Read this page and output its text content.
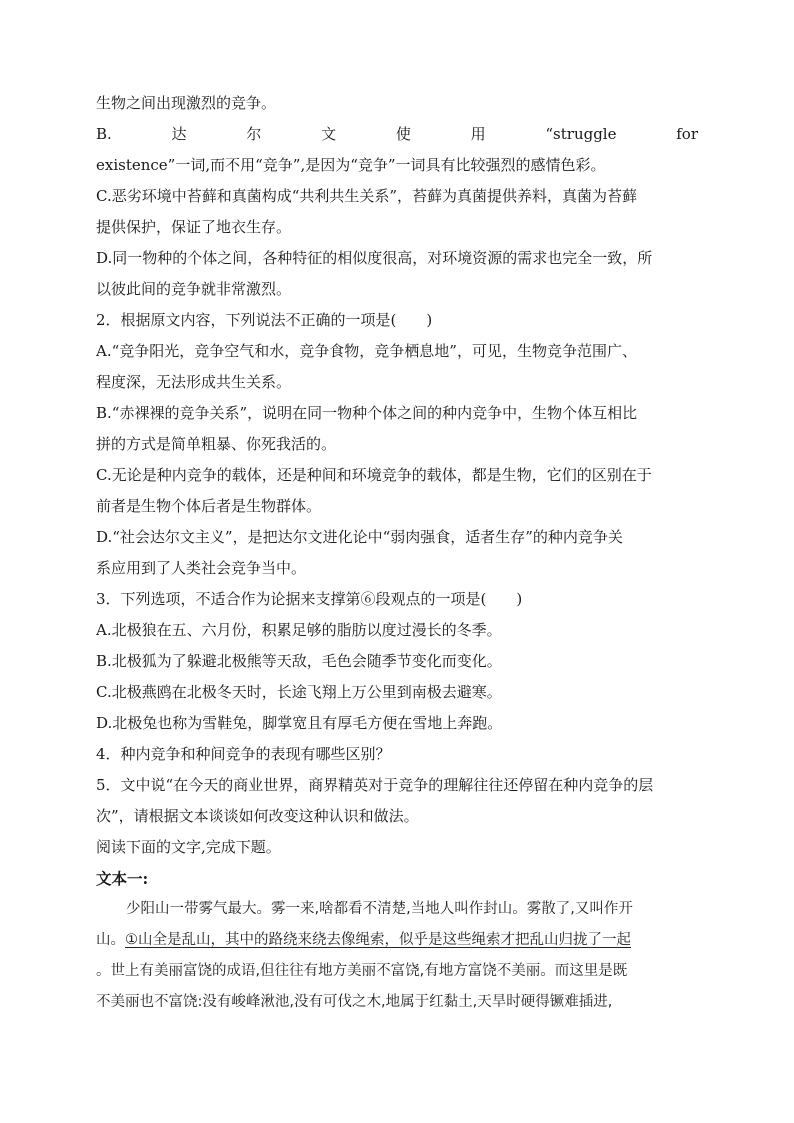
生物之间出现激烈的竞争。
B.	达	尔	文	使	用	“struggle	for
existence”一词,而不用“竞争”,是因为“竞争”一词具有比较强烈的感情色彩。
C.恶劣环境中苔藓和真菌构成“共利共生关系”，苔藓为真菌提供养料，真菌为苔藓
提供保护，保证了地衣生存。
D.同一物种的个体之间，各种特征的相似度很高，对环境资源的需求也完全一致，所
以彼此间的竞争就非常激烈。
2．根据原文内容，下列说法不正确的一项是(　　)
A.“竞争阳光，竞争空气和水，竞争食物，竞争栖息地”，可见，生物竞争范围广、
程度深，无法形成共生关系。
B.“赤裸裸的竞争关系”，说明在同一物种个体之间的种内竞争中，生物个体互相比
拼的方式是简单粗暴、你死我活的。
C.无论是种内竞争的载体，还是种间和环境竞争的载体，都是生物，它们的区别在于
前者是生物个体后者是生物群体。
D.“社会达尔文主义”，是把达尔文进化论中“弱肉强食，适者生存”的种内竞争关
系应用到了人类社会竞争当中。
3．下列选项，不适合作为论据来支撑第⑥段观点的一项是(　　)
A.北极狼在五、六月份，积累足够的脂肪以度过漫长的冬季。
B.北极狐为了躲避北极熊等天敌，毛色会随季节变化而变化。
C.北极燕鸥在北极冬天时，长途飞翔上万公里到南极去避寒。
D.北极兔也称为雪鞋兔，脚掌宽且有厚毛方便在雪地上奔跑。
4．种内竞争和种间竞争的表现有哪些区别？
5．文中说“在今天的商业世界，商界精英对于竞争的理解往往还停留在种内竞争的层
次”，请根据文本谈谈如何改变这种认识和做法。
阅读下面的文字,完成下题。
文本一:
少阳山一带雾气最大。雾一来,啥都看不清楚,当地人叫作封山。雾散了,又叫作开
山。①山全是乱山，其中的路绕来绕去像绳索，似乎是这些绳索才把乱山归拢了一起
。世上有美丽富饶的成语,但往往有地方美丽不富饶,有地方富饶不美丽。而这里是既
不美丽也不富饶:没有峻峰湫池,没有可伐之木,地属于红黏土,天旱时硬得镢难插进,
